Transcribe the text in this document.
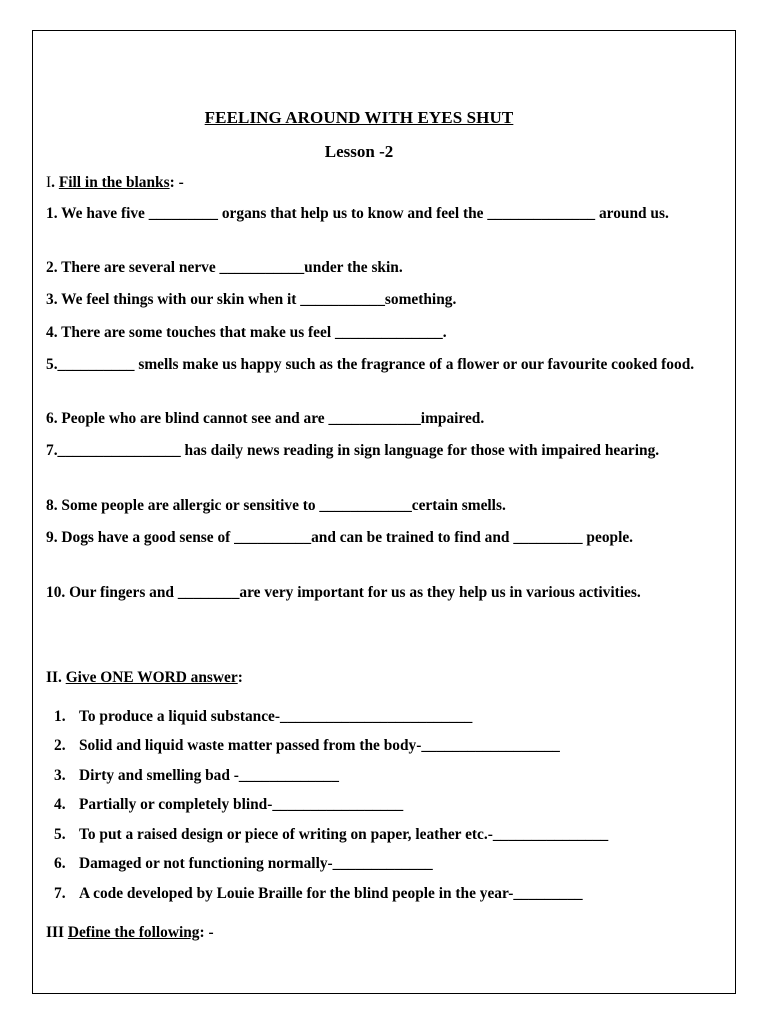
FEELING AROUND WITH EYES SHUT
Lesson -2
I. Fill in the blanks: -
1. We have five _________ organs that help us to know and feel the ______________ around us.
2. There are several nerve ___________under the skin.
3. We feel things with our skin when it ___________something.
4. There are some touches that make us feel ______________.
5.__________ smells make us happy such as the fragrance of a flower or our favourite cooked food.
6. People who are blind cannot see and are ____________impaired.
7.________________ has daily news reading in sign language for those with impaired hearing.
8. Some people are allergic or sensitive to ____________certain smells.
9. Dogs have a good sense of __________and can be trained to find and _________ people.
10. Our fingers and ________are very important for us as they help us in various activities.
II. Give ONE WORD answer:
1. To produce a liquid substance-_________________________
2. Solid and liquid waste matter passed from the body-__________________
3. Dirty and smelling bad -_____________
4. Partially or completely blind-_________________
5. To put a raised design or piece of writing on paper, leather etc.-_______________
6. Damaged or not functioning normally-_____________
7. A code developed by Louie Braille for the blind people in the year-_________
III Define the following: -
